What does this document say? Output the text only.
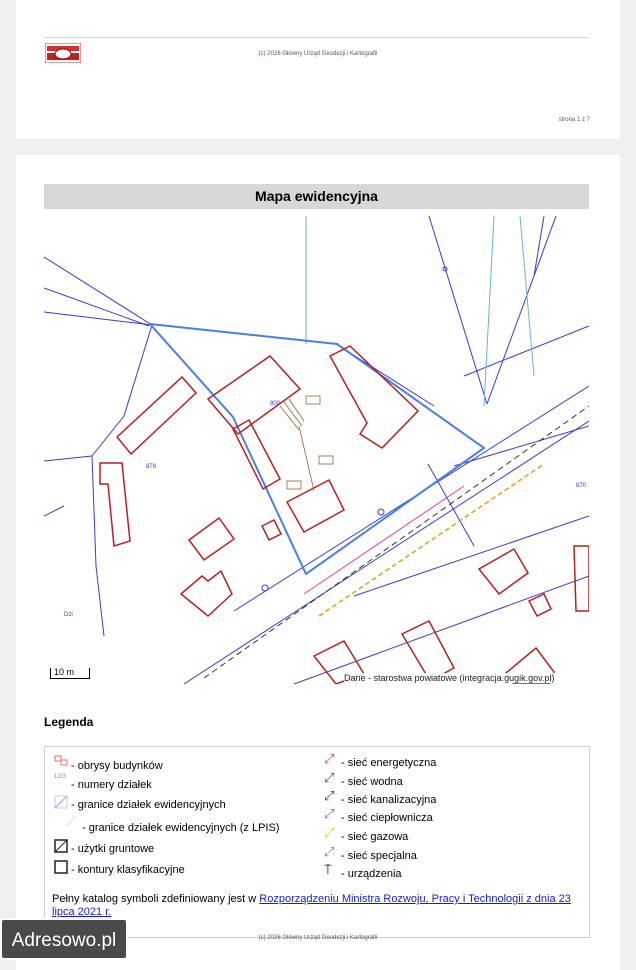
(c) 2026 Główny Urząd Geodezji i Kartografii
strona 1 z 7
Mapa ewidencyjna
800
876
870
Dzl
10 m
Dane - starostwa powiatowe (integracja.gugik.gov.pl)
Legenda
- obrysy budynków
12/3
- numery działek
- granice działek ewidencyjnych
- granice działek ewidencyjnych (z LPIS)
- użytki gruntowe
- kontury klasyfikacyjne
⤢ - sieć energetyczna
⤢ - sieć wodna
⤢ - sieć kanalizacyjna
⤢ - sieć ciepłownicza
⤢ - sieć gazowa
⤢ - sieć specjalna
⍑ - urządzenia
Pełny katalog symboli zdefiniowany jest w Rozporządzeniu Ministra Rozwoju, Pracy i Technologii z dnia 23 lipca 2021 r.
(c) 2026 Główny Urząd Geodezji i Kartografii
Adresowo.pl
